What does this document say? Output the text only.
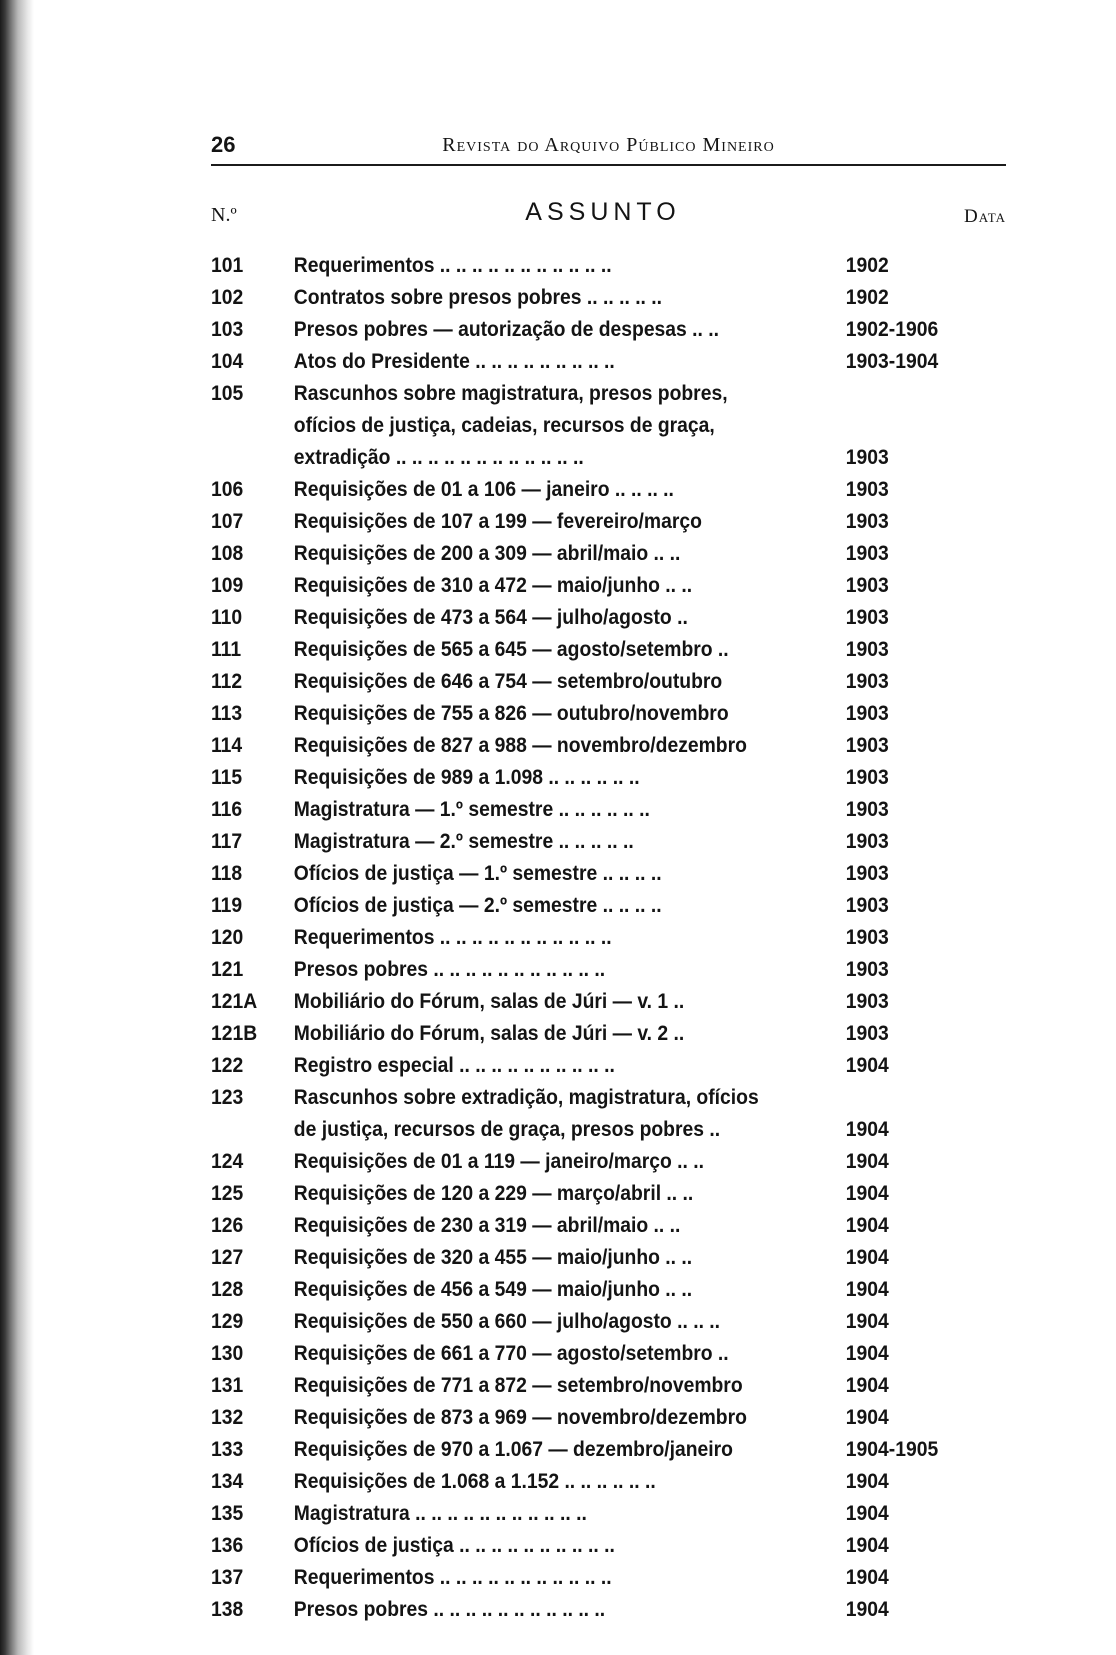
26	Revista do Arquivo Público Mineiro
N.º	ASSUNTO	Data
101 Requerimentos .. .. .. .. .. .. .. .. .. .. ..	1902
102 Contratos sobre presos pobres .. .. .. .. ..	1902
103 Presos pobres — autorização de despesas .. ..	1902-1906
104 Atos do Presidente .. .. .. .. .. .. .. .. ..	1903-1904
105 Rascunhos sobre magistratura, presos pobres,
ofícios de justiça, cadeias, recursos de graça,
extradição .. .. .. .. .. .. .. .. .. .. .. ..	1903
106 Requisições de 01 a 106 — janeiro .. .. .. ..	1903
107 Requisições de 107 a 199 — fevereiro/março	1903
108 Requisições de 200 a 309 — abril/maio .. ..	1903
109 Requisições de 310 a 472 — maio/junho .. ..	1903
110 Requisições de 473 a 564 — julho/agosto ..	1903
111	Requisições de 565 a 645 — agosto/setembro ..	1903
112 Requisições de 646 a 754 — setembro/outubro	1903
113 Requisições de 755 a 826 — outubro/novembro	1903
114 Requisições de 827 a 988 — novembro/dezembro	1903
115 Requisições de 989 a 1.098 .. .. .. .. .. ..	1903
116 Magistratura — 1.º semestre .. .. .. .. .. ..	1903
117 Magistratura — 2.º semestre .. .. .. .. ..	1903
118 Ofícios de justiça — 1.º semestre .. .. .. ..	1903
119 Ofícios de justiça — 2.º semestre .. .. .. ..	1903
120 Requerimentos .. .. .. .. .. .. .. .. .. .. ..	1903
121 Presos pobres .. .. .. .. .. .. .. .. .. .. ..	1903
121A Mobiliário do Fórum, salas de Júri — v. 1 ..	1903
121B Mobiliário do Fórum, salas de Júri — v. 2 ..	1903
122 Registro especial .. .. .. .. .. .. .. .. .. ..	1904
123 Rascunhos sobre extradição, magistratura, ofícios
de justiça, recursos de graça, presos pobres ..	1904
124 Requisições de 01 a 119 — janeiro/março .. ..	1904
125 Requisições de 120 a 229 — março/abril .. ..	1904
126 Requisições de 230 a 319 — abril/maio .. ..	1904
127 Requisições de 320 a 455 — maio/junho .. ..	1904
128 Requisições de 456 a 549 — maio/junho .. ..	1904
129 Requisições de 550 a 660 — julho/agosto .. .. ..	1904
130 Requisições de 661 a 770 — agosto/setembro ..	1904
131 Requisições de 771 a 872 — setembro/novembro	1904
132 Requisições de 873 a 969 — novembro/dezembro	1904
133 Requisições de 970 a 1.067 — dezembro/janeiro	1904-1905
134 Requisições de 1.068 a 1.152 .. .. .. .. .. ..	1904
135 Magistratura .. .. .. .. .. .. .. .. .. .. ..	1904
136 Ofícios de justiça .. .. .. .. .. .. .. .. .. ..	1904
137 Requerimentos .. .. .. .. .. .. .. .. .. .. ..	1904
138 Presos pobres .. .. .. .. .. .. .. .. .. .. ..	1904
